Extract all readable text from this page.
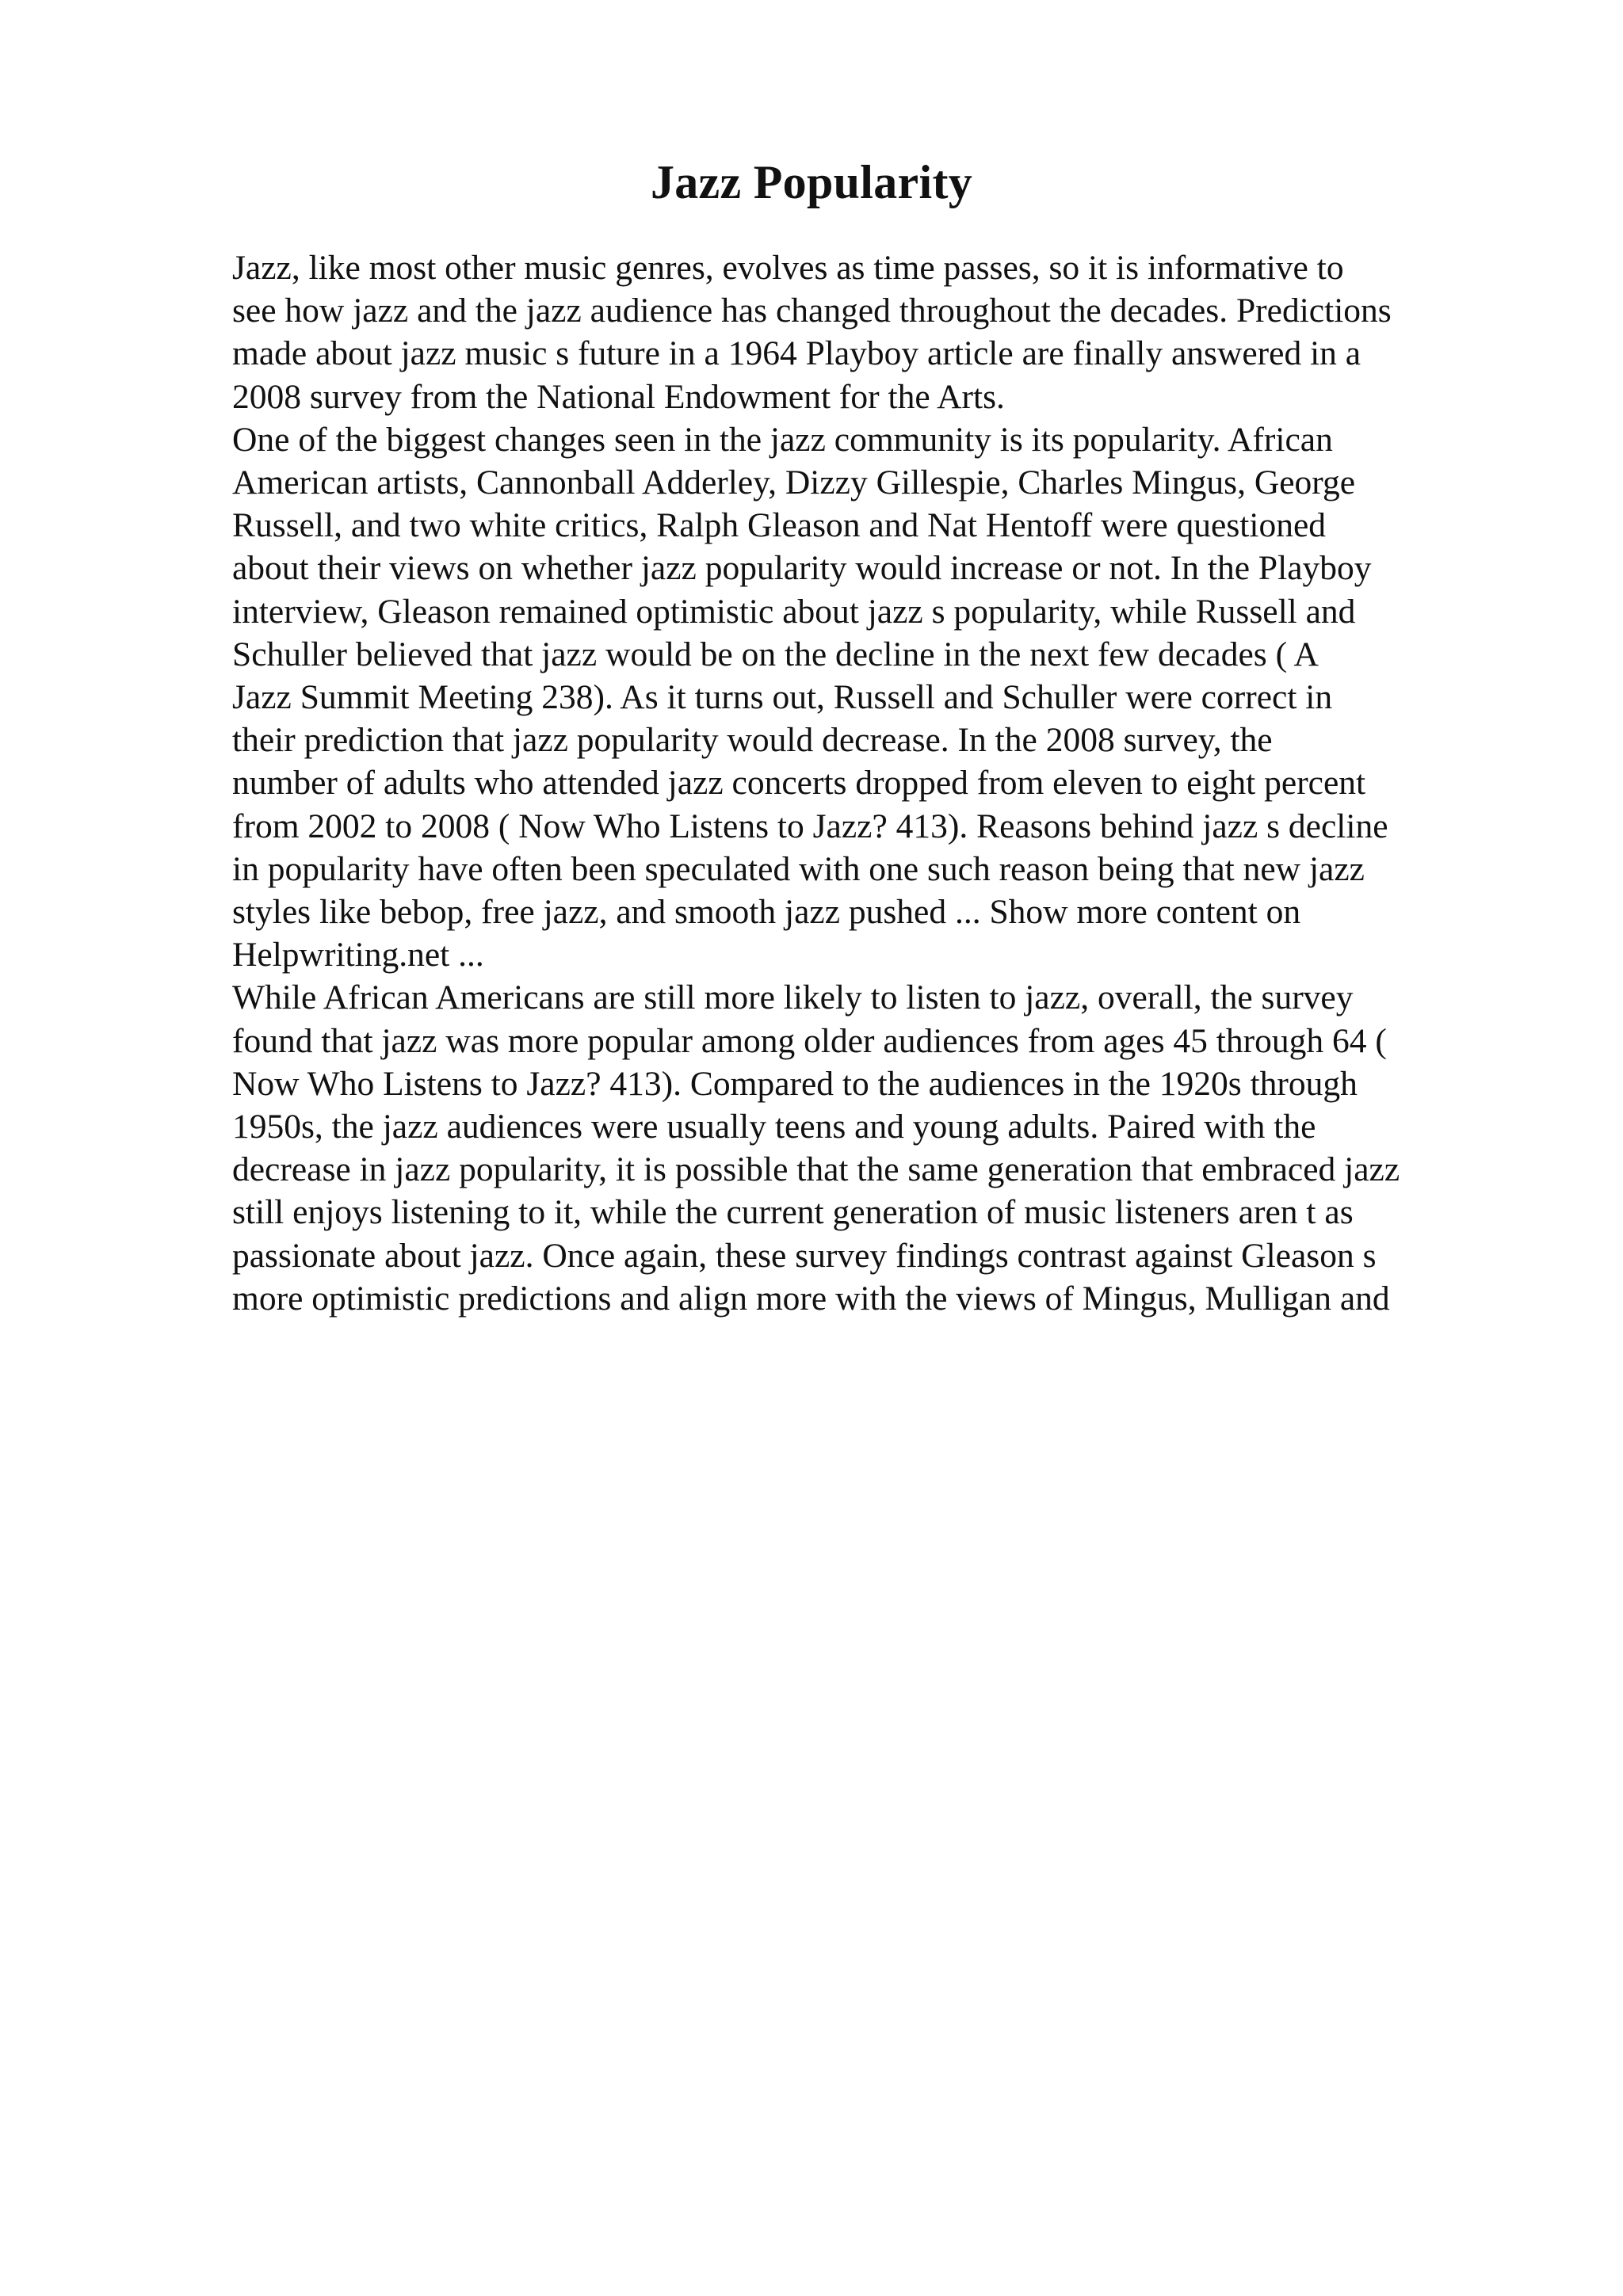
Jazz Popularity
Jazz, like most other music genres, evolves as time passes, so it is informative to
see how jazz and the jazz audience has changed throughout the decades. Predictions
made about jazz music s future in a 1964 Playboy article are finally answered in a
2008 survey from the National Endowment for the Arts.
One of the biggest changes seen in the jazz community is its popularity. African
American artists, Cannonball Adderley, Dizzy Gillespie, Charles Mingus, George
Russell, and two white critics, Ralph Gleason and Nat Hentoff were questioned
about their views on whether jazz popularity would increase or not. In the Playboy
interview, Gleason remained optimistic about jazz s popularity, while Russell and
Schuller believed that jazz would be on the decline in the next few decades ( A
Jazz Summit Meeting 238). As it turns out, Russell and Schuller were correct in
their prediction that jazz popularity would decrease. In the 2008 survey, the
number of adults who attended jazz concerts dropped from eleven to eight percent
from 2002 to 2008 ( Now Who Listens to Jazz? 413). Reasons behind jazz s decline
in popularity have often been speculated with one such reason being that new jazz
styles like bebop, free jazz, and smooth jazz pushed ... Show more content on
Helpwriting.net ...
While African Americans are still more likely to listen to jazz, overall, the survey
found that jazz was more popular among older audiences from ages 45 through 64 (
Now Who Listens to Jazz? 413). Compared to the audiences in the 1920s through
1950s, the jazz audiences were usually teens and young adults. Paired with the
decrease in jazz popularity, it is possible that the same generation that embraced jazz
still enjoys listening to it, while the current generation of music listeners aren t as
passionate about jazz. Once again, these survey findings contrast against Gleason s
more optimistic predictions and align more with the views of Mingus, Mulligan and
